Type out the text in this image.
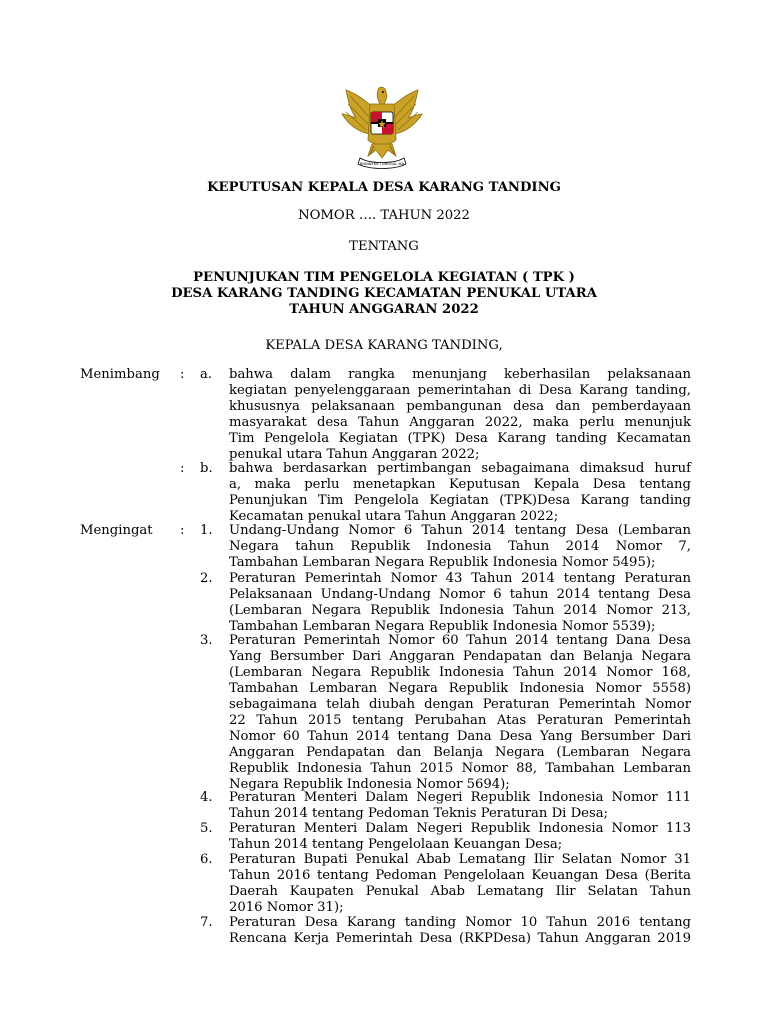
BHINNEKA TUNGGAL IKA
KEPUTUSAN KEPALA DESA KARANG TANDING
NOMOR …. TAHUN 2022
TENTANG
PENUNJUKAN TIM PENGELOLA KEGIATAN ( TPK )
DESA KARANG TANDING KECAMATAN PENUKAL UTARA
TAHUN ANGGARAN 2022
KEPALA DESA KARANG TANDING,
Menimbang : a. bahwa dalam rangka menunjang keberhasilan pelaksanaan
kegiatan penyelenggaraan pemerintahan di Desa Karang tanding,
khususnya pelaksanaan pembangunan desa dan pemberdayaan
masyarakat desa Tahun Anggaran 2022, maka perlu menunjuk
Tim Pengelola Kegiatan (TPK) Desa Karang tanding Kecamatan
penukal utara Tahun Anggaran 2022;
: b. bahwa berdasarkan pertimbangan sebagaimana dimaksud huruf
a, maka perlu menetapkan Keputusan Kepala Desa tentang
Penunjukan Tim Pengelola Kegiatan (TPK)Desa Karang tanding
Kecamatan penukal utara Tahun Anggaran 2022;
Mengingat : 1. Undang-Undang Nomor 6 Tahun 2014 tentang Desa (Lembaran
Negara tahun Republik Indonesia Tahun 2014 Nomor 7,
Tambahan Lembaran Negara Republik Indonesia Nomor 5495);
2. Peraturan Pemerintah Nomor 43 Tahun 2014 tentang Peraturan
Pelaksanaan Undang-Undang Nomor 6 tahun 2014 tentang Desa
(Lembaran Negara Republik Indonesia Tahun 2014 Nomor 213,
Tambahan Lembaran Negara Republik Indonesia Nomor 5539);
3. Peraturan Pemerintah Nomor 60 Tahun 2014 tentang Dana Desa
Yang Bersumber Dari Anggaran Pendapatan dan Belanja Negara
(Lembaran Negara Republik Indonesia Tahun 2014 Nomor 168,
Tambahan Lembaran Negara Republik Indonesia Nomor 5558)
sebagaimana telah diubah dengan Peraturan Pemerintah Nomor
22 Tahun 2015 tentang Perubahan Atas Peraturan Pemerintah
Nomor 60 Tahun 2014 tentang Dana Desa Yang Bersumber Dari
Anggaran Pendapatan dan Belanja Negara (Lembaran Negara
Republik Indonesia Tahun 2015 Nomor 88, Tambahan Lembaran
Negara Republik Indonesia Nomor 5694);
4. Peraturan Menteri Dalam Negeri Republik Indonesia Nomor 111
Tahun 2014 tentang Pedoman Teknis Peraturan Di Desa;
5. Peraturan Menteri Dalam Negeri Republik Indonesia Nomor 113
Tahun 2014 tentang Pengelolaan Keuangan Desa;
6. Peraturan Bupati Penukal Abab Lematang Ilir Selatan Nomor 31
Tahun 2016 tentang Pedoman Pengelolaan Keuangan Desa (Berita
Daerah Kaupaten Penukal Abab Lematang Ilir Selatan Tahun
2016 Nomor 31);
7. Peraturan Desa Karang tanding Nomor 10 Tahun 2016 tentang
Rencana Kerja Pemerintah Desa (RKPDesa) Tahun Anggaran 2019
